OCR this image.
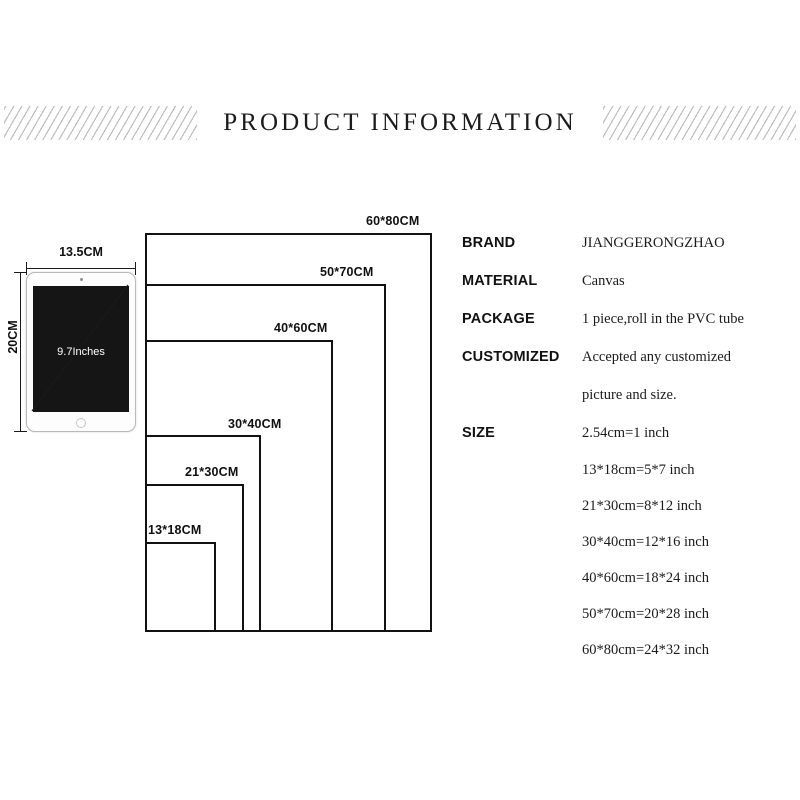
PRODUCT INFORMATION
60*80CM
50*70CM
40*60CM
30*40CM
21*30CM
13*18CM
13.5CM
20CM	9.7Inches
BRAND	JIANGGERONGZHAO
MATERIAL	Canvas
PACKAGE	1 piece,roll in the PVC tube
CUSTOMIZED	Accepted any customized
picture and size.
SIZE	2.54cm=1 inch
13*18cm=5*7 inch
21*30cm=8*12 inch
30*40cm=12*16 inch
40*60cm=18*24 inch
50*70cm=20*28 inch
60*80cm=24*32 inch
